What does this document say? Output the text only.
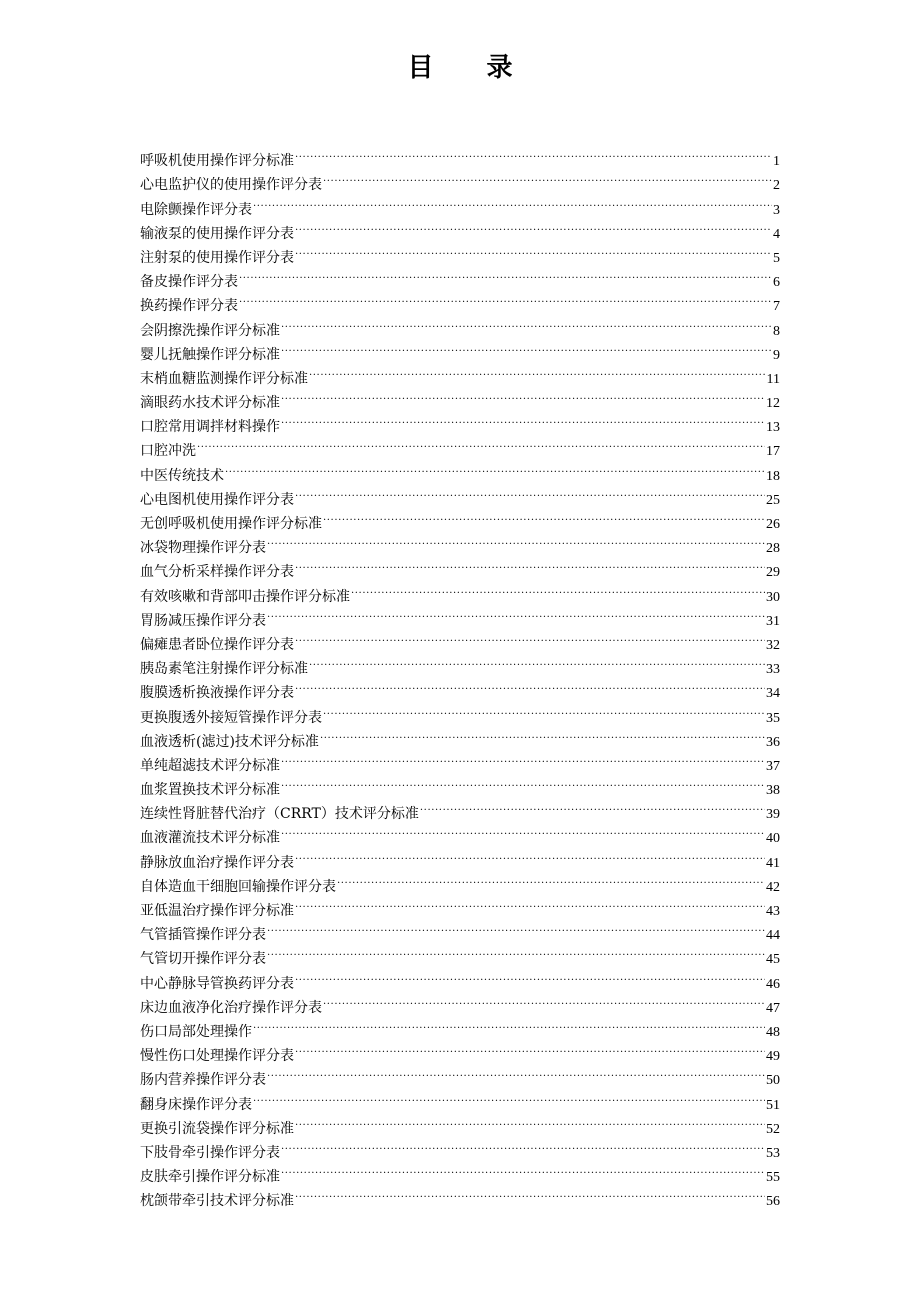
目 录
呼吸机使用操作评分标准 .....	1
心电监护仪的使用操作评分表 .....	2
电除颤操作评分表 .....	3
输液泵的使用操作评分表 .....	4
注射泵的使用操作评分表 .....	5
备皮操作评分表 .....	6
换药操作评分表 .....	7
会阴擦洗操作评分标准 .....	8
婴儿抚触操作评分标准 .....	9
末梢血糖监测操作评分标准 .....	11
滴眼药水技术评分标准 .....	12
口腔常用调拌材料操作 .....	13
口腔冲洗 .....	17
中医传统技术 .....	18
心电图机使用操作评分表 .....	25
无创呼吸机使用操作评分标准 .....	26
冰袋物理操作评分表 .....	28
血气分析采样操作评分表 .....	29
有效咳嗽和背部叩击操作评分标准 .....	30
胃肠减压操作评分表 .....	31
偏瘫患者卧位操作评分表 .....	32
胰岛素笔注射操作评分标准 .....	33
腹膜透析换液操作评分表 .....	34
更换腹透外接短管操作评分表 .....	35
血液透析(滤过)技术评分标准 .....	36
单纯超滤技术评分标准 .....	37
血浆置换技术评分标准 .....	38
连续性肾脏替代治疗（CRRT）技术评分标准 .....	39
血液灌流技术评分标准 .....	40
静脉放血治疗操作评分表 .....	41
自体造血干细胞回输操作评分表 .....	42
亚低温治疗操作评分标准 .....	43
气管插管操作评分表 .....	44
气管切开操作评分表 .....	45
中心静脉导管换药评分表 .....	46
床边血液净化治疗操作评分表 .....	47
伤口局部处理操作 .....	48
慢性伤口处理操作评分表 .....	49
肠内营养操作评分表 .....	50
翻身床操作评分表 .....	51
更换引流袋操作评分标准 .....	52
下肢骨牵引操作评分表 .....	53
皮肤牵引操作评分标准 .....	55
枕颌带牵引技术评分标准 .....	56
